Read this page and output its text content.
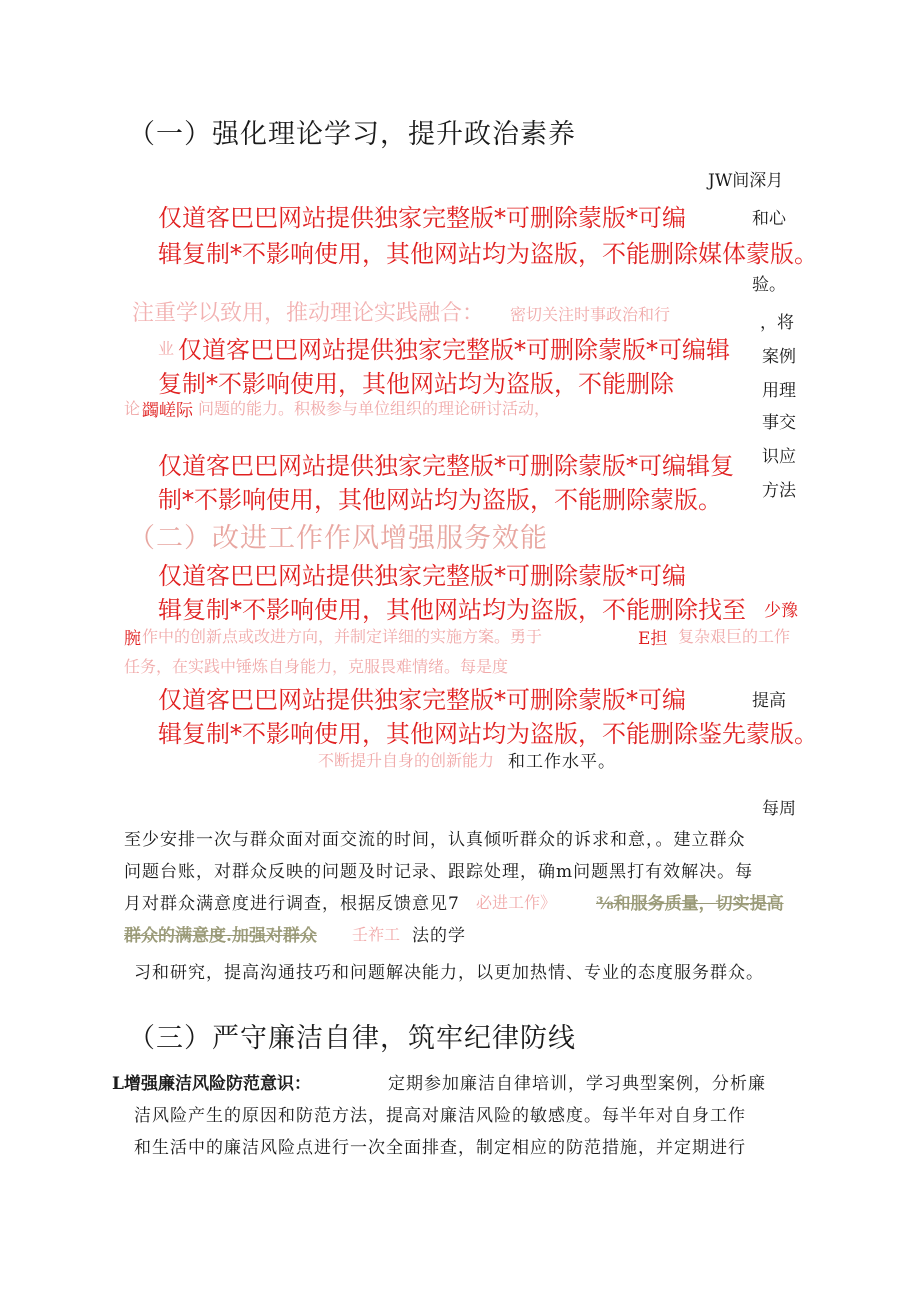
（一）强化理论学习，提升政治素养
JW间深月
和心
验。
，将
案例
用理
事交
识应
方法
仅道客巴巴网站提供独家完整版*可删除蒙版*可编
辑复制*不影响使用，其他网站均为盗版，不能删除媒体蒙版。
注重学以致用，推动理论实践融合： 密切关注时事政治和行
业 仅道客巴巴网站提供独家完整版*可删除蒙版*可编辑
复制*不影响使用，其他网站均为盗版，不能删除
论 蠲嵯际 问题的能力。积极参与单位组织的理论研讨活动，
仅道客巴巴网站提供独家完整版*可删除蒙版*可编辑复
制*不影响使用，其他网站均为盗版，不能删除蒙版。
（二）改进工作作风增强服务效能
仅道客巴巴网站提供独家完整版*可删除蒙版*可编
辑复制*不影响使用，其他网站均为盗版，不能删除找至 少豫
腕 作中的创新点或改进方向，并制定详细的实施方案。勇于	E担 复杂艰巨的工作
任务，在实践中锤炼自身能力，克服畏难情绪。每是度
仅道客巴巴网站提供独家完整版*可删除蒙版*可编	提高
辑复制*不影响使用，其他网站均为盗版，不能删除鉴先蒙版。
不断提升自身的创新能力 和工作水平。
每周
至少安排一次与群众面对面交流的时间，认真倾听群众的诉求和意，。建立群众
问题台账，对群众反映的问题及时记录、跟踪处理，确m问题黑打有效解决。每
月对群众满意度进行调查，根据反馈意见7 必进工作》 ⅜和服务质量，切实提高
群众的满意度.加强对群众 壬祚工 法的学
习和研究，提高沟通技巧和问题解决能力，以更加热情、专业的态度服务群众。
（三）严守廉洁自律，筑牢纪律防线
L增强廉洁风险防范意识：	定期参加廉洁自律培训，学习典型案例，分析廉
洁风险产生的原因和防范方法，提高对廉洁风险的敏感度。每半年对自身工作
和生活中的廉洁风险点进行一次全面排查，制定相应的防范措施，并定期进行
